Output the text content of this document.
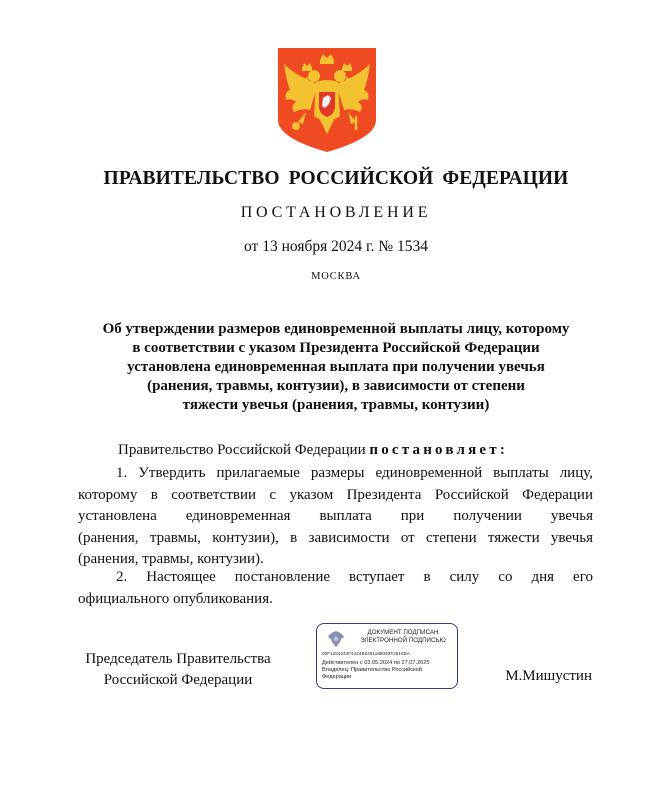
ПРАВИТЕЛЬСТВО РОССИЙСКОЙ ФЕДЕРАЦИИ
ПОСТАНОВЛЕНИЕ
от 13 ноября 2024 г. № 1534
МОСКВА
Об утверждении размеров единовременной выплаты лицу, которому
в соответствии с указом Президента Российской Федерации
установлена единовременная выплата при получении увечья
(ранения, травмы, контузии), в зависимости от степени
тяжести увечья (ранения, травмы, контузии)
Правительство Российской Федерации постановляет:
1. Утвердить прилагаемые размеры единовременной выплаты лицу,
которому в соответствии с указом Президента Российской Федерации
установлена единовременная выплата при получении увечья
(ранения, травмы, контузии), в зависимости от степени тяжести увечья
(ранения, травмы, контузии).
2. Настоящее постановление вступает в силу со дня его
официального опубликования.
Председатель Правительства
Российской Федерации
ДОКУМЕНТ ПОДПИСАН
ЭЛЕКТРОННОЙ ПОДПИСЬЮ
00F1284244F4424B5391188093F2816DA
Действителен с 03.05.2024 по 27.07.2025
Владелец: Правительство Российской
Федерации	М.Мишустин
